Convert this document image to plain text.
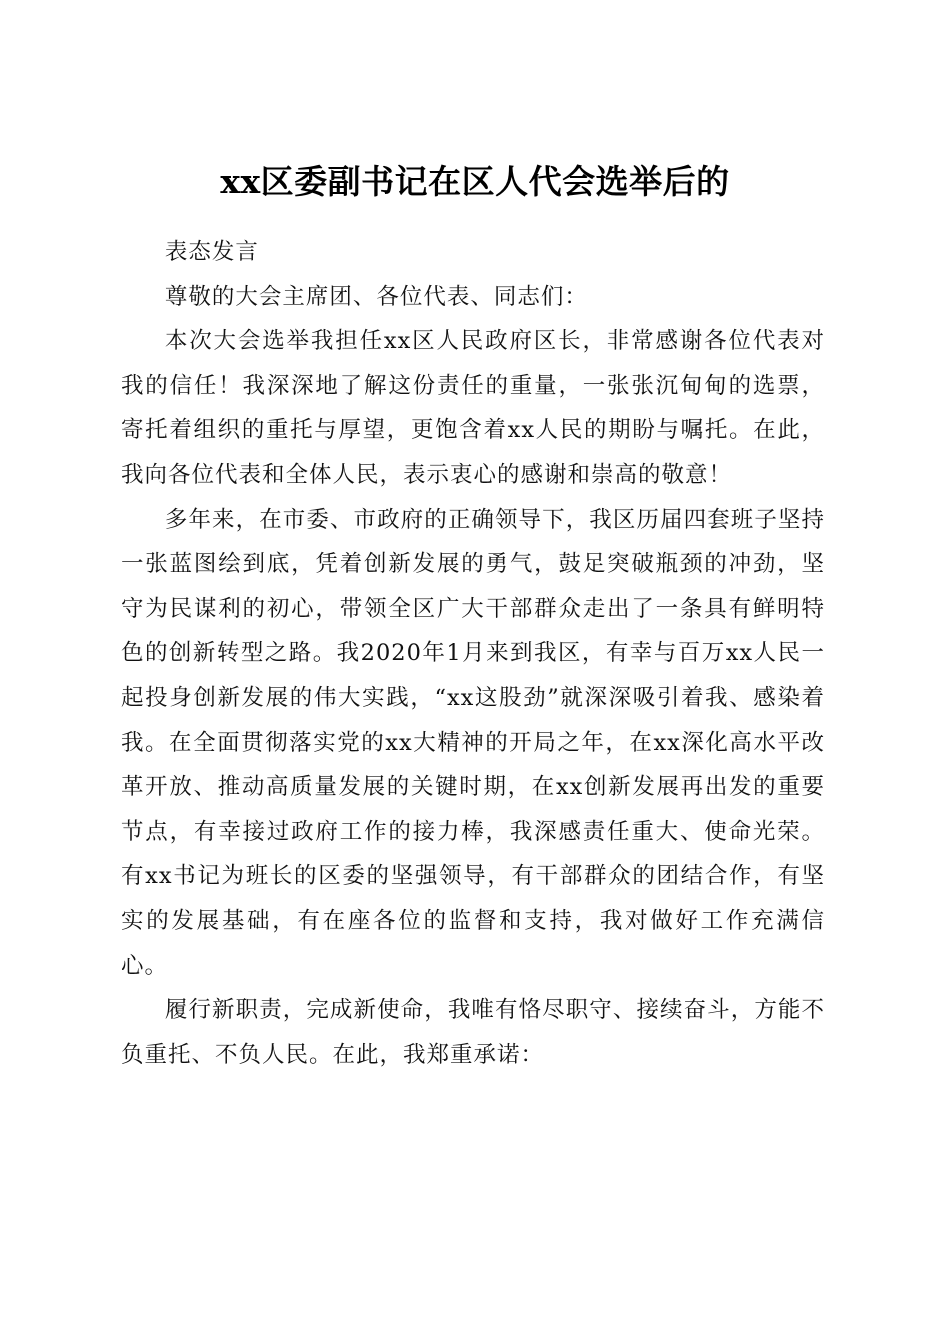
xx区委副书记在区人代会选举后的

表态发言

尊敬的大会主席团、各位代表、同志们：

本次大会选举我担任xx区人民政府区长，非常感谢各位代表对我的信任！我深深地了解这份责任的重量，一张张沉甸甸的选票，寄托着组织的重托与厚望，更饱含着xx人民的期盼与嘱托。在此，我向各位代表和全体人民，表示衷心的感谢和崇高的敬意！

多年来，在市委、市政府的正确领导下，我区历届四套班子坚持一张蓝图绘到底，凭着创新发展的勇气，鼓足突破瓶颈的冲劲，坚守为民谋利的初心，带领全区广大干部群众走出了一条具有鲜明特色的创新转型之路。我2020年1月来到我区，有幸与百万xx人民一起投身创新发展的伟大实践，“xx这股劲”就深深吸引着我、感染着我。在全面贯彻落实党的xx大精神的开局之年，在xx深化高水平改革开放、推动高质量发展的关键时期，在xx创新发展再出发的重要节点，有幸接过政府工作的接力棒，我深感责任重大、使命光荣。有xx书记为班长的区委的坚强领导，有干部群众的团结合作，有坚实的发展基础，有在座各位的监督和支持，我对做好工作充满信心。

履行新职责，完成新使命，我唯有恪尽职守、接续奋斗，方能不负重托、不负人民。在此，我郑重承诺：
